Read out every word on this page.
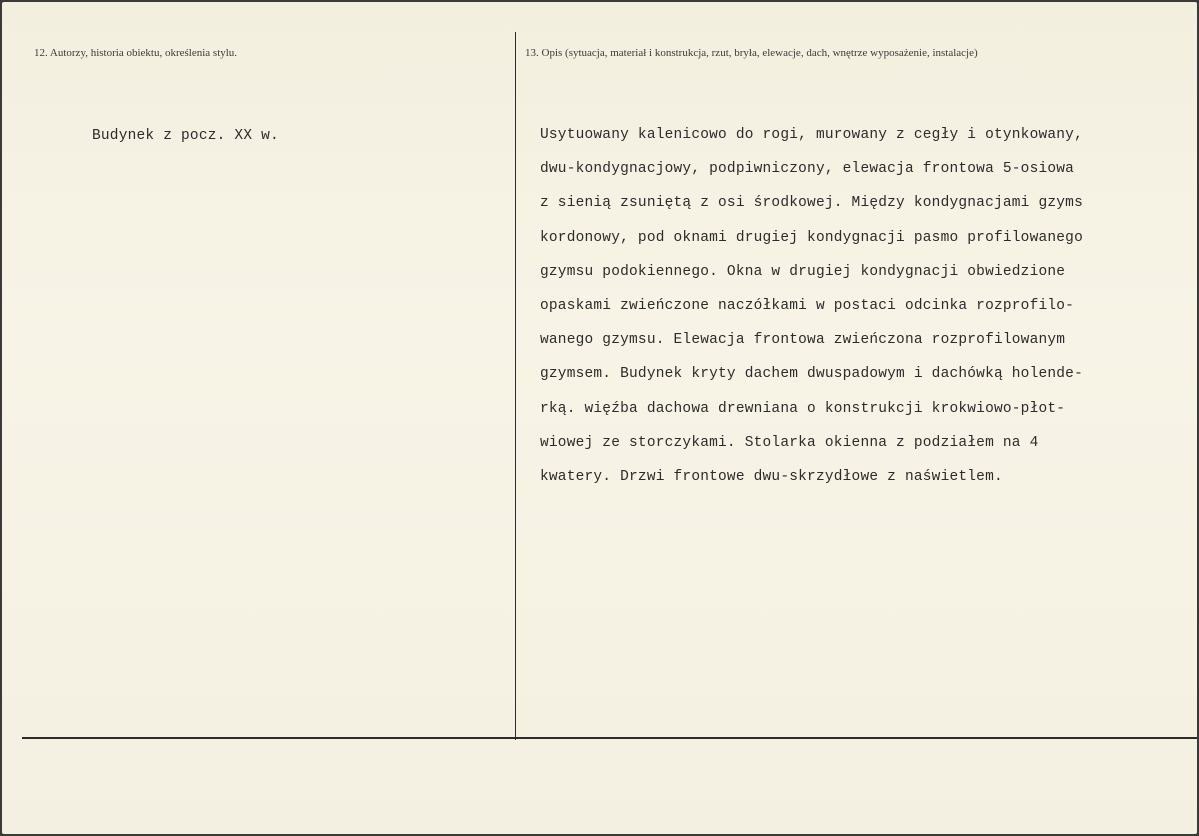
12. Autorzy, historia obiektu, określenia stylu.	13. Opis (sytuacja, materiał i konstrukcja, rzut, bryła, elewacje, dach, wnętrze wyposażenie, instalacje)
Budynek z pocz. XX w.	Usytuowany kalenicowo do rogi, murowany z cegły i otynkowany,
dwu-kondygnacjowy, podpiwniczony, elewacja frontowa 5-osiowa
z sienią zsuniętą z osi środkowej. Między kondygnacjami gzyms
kordonowy, pod oknami drugiej kondygnacji pasmo profilowanego
gzymsu podokiennego. Okna w drugiej kondygnacji obwiedzione
opaskami zwieńczone naczółkami w postaci odcinka rozprofilo-
wanego gzymsu. Elewacja frontowa zwieńczona rozprofilowanym
gzymsem. Budynek kryty dachem dwuspadowym i dachówką holende-
rką. więźba dachowa drewniana o konstrukcji krokwiowo-płot-
wiowej ze storczykami. Stolarka okienna z podziałem na 4
kwatery. Drzwi frontowe dwu-skrzydłowe z naświetlem.
